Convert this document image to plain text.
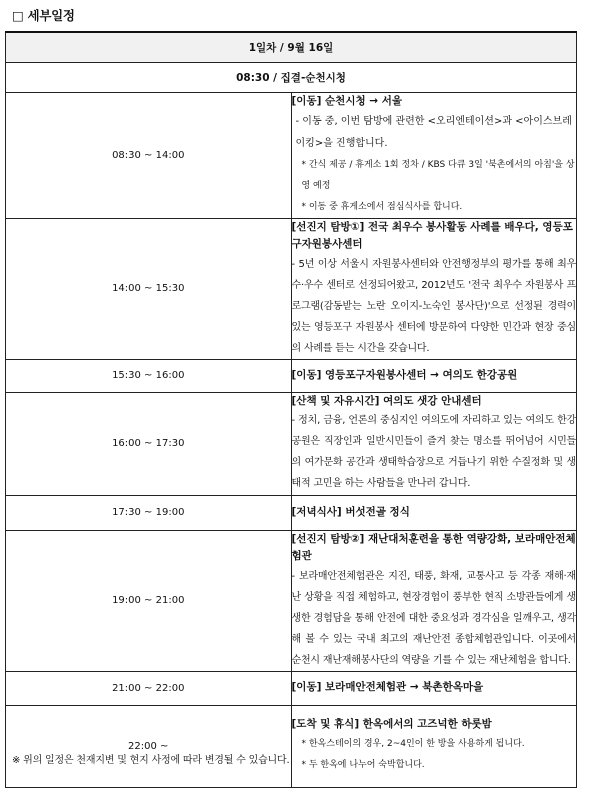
□ 세부일정
1일차 / 9월 16일	
08:30 / 집결-순천시청	
08:30 ~ 14:00	[이동] 순천시청 → 서울
- 이동 중, 이번 탐방에 관련한 <오리엔테이션>과 <아이스브레이킹>을 진행합니다.
* 간식 제공 / 휴게소 1회 정차 / KBS 다큐 3일 '북촌에서의 아침'을 상영 예정
* 이동 중 휴게소에서 점심식사를 합니다.

14:00 ~ 15:30	[선진지 탐방①] 전국 최우수 봉사활동 사례를 배우다, 영등포구자원봉사센터
- 5년 이상 서울시 자원봉사센터와 안전행정부의 평가를 통해 최우수·우수 센터로 선정되어왔고, 2012년도 '전국 최우수 자원봉사 프로그램(감동받는 노란 오이지-노숙인 봉사단)'으로 선정된 경력이 있는 영등포구 자원봉사 센터에 방문하여 다양한 민간과 현장 중심의 사례를 듣는 시간을 갖습니다.

15:30 ~ 16:00	[이동] 영등포구자원봉사센터 → 여의도 한강공원

16:00 ~ 17:30	[산책 및 자유시간] 여의도 샛강 안내센터
- 정치, 금융, 언론의 중심지인 여의도에 자리하고 있는 여의도 한강공원은 직장인과 일반시민들이 즐겨 찾는 명소를 뛰어넘어 시민들의 여가문화 공간과 생태학습장으로 거듭나기 위한 수질정화 및 생태적 고민을 하는 사람들을 만나러 갑니다.

17:30 ~ 19:00	[저녁식사] 버섯전골 정식

19:00 ~ 21:00	[선진지 탐방②] 재난대처훈련을 통한 역량강화, 보라매안전체험관
- 보라매안전체험관은 지진, 태풍, 화재, 교통사고 등 각종 재해·재난 상황을 직접 체험하고, 현장경험이 풍부한 현직 소방관들에게 생생한 경험담을 통해 안전에 대한 중요성과 경각심을 일깨우고, 생각해 볼 수 있는 국내 최고의 재난안전 종합체험관입니다. 이곳에서 순천시 재난재해봉사단의 역량을 기를 수 있는 재난체험을 합니다.

21:00 ~ 22:00	[이동] 보라매안전체험관 → 북촌한옥마을

22:00 ~	[도착 및 휴식] 한옥에서의 고즈넉한 하룻밤
* 한옥스테이의 경우, 2~4인이 한 방을 사용하게 됩니다.
* 두 한옥에 나누어 숙박합니다.
※ 위의 일정은 천재지변 및 현지 사정에 따라 변경될 수 있습니다.
